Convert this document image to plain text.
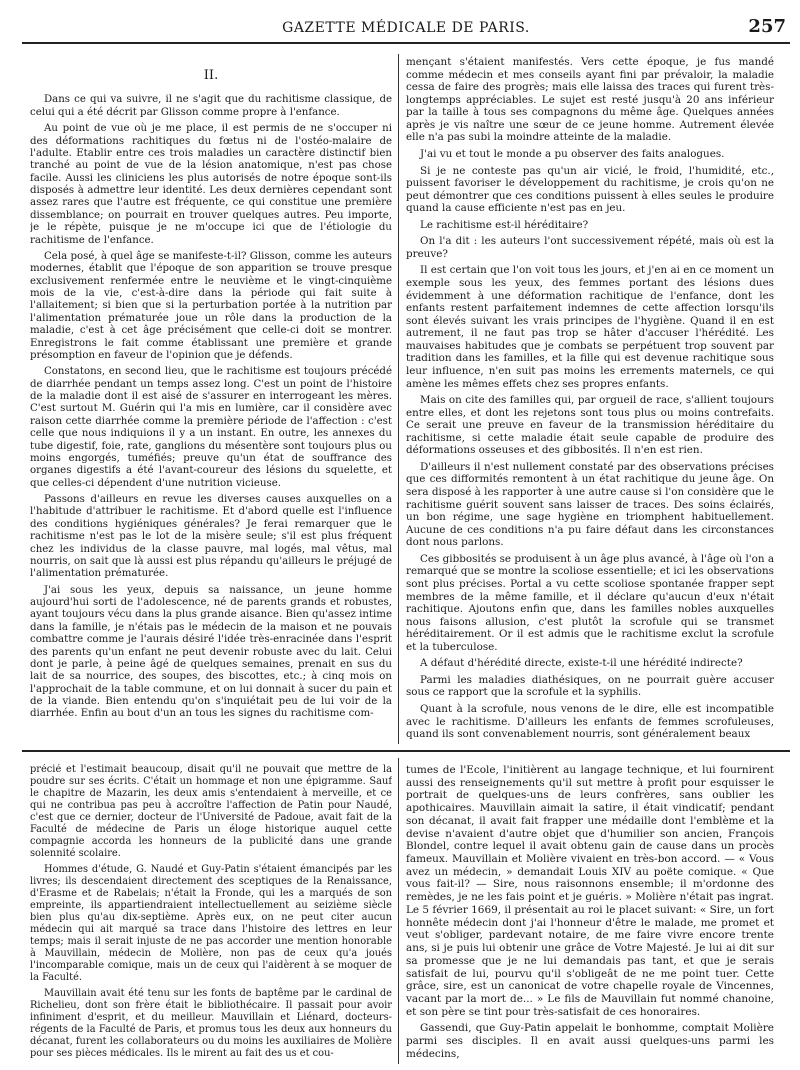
GAZETTE MÉDICALE DE PARIS.	257
II.

Dans ce qui va suivre, il ne s'agit que du rachitisme classique, de celui qui a été décrit par Glisson comme propre à l'enfance.

Au point de vue où je me place, il est permis de ne s'occuper ni des déformations rachitiques du fœtus ni de l'ostéo-malaire de l'adulte. Etablir entre ces trois maladies un caractère distinctif bien tranché au point de vue de la lésion anatomique, n'est pas chose facile. Aussi les cliniciens les plus autorisés de notre époque sont-ils disposés à admettre leur identité. Les deux dernières cependant sont assez rares que l'autre est fréquente, ce qui constitue une première dissemblance; on pourrait en trouver quelques autres. Peu importe, je le répète, puisque je ne m'occupe ici que de l'étiologie du rachitisme de l'enfance.

Cela posé, à quel âge se manifeste-t-il? Glisson, comme les auteurs modernes, établit que l'époque de son apparition se trouve presque exclusivement renfermée entre le neuvième et le vingt-cinquième mois de la vie, c'est-à-dire dans la période qui fait suite à l'allaitement; si bien que si la perturbation portée à la nutrition par l'alimentation prématurée joue un rôle dans la production de la maladie, c'est à cet âge précisément que celle-ci doit se montrer. Enregistrons le fait comme établissant une première et grande présomption en faveur de l'opinion que je défends.

Constatons, en second lieu, que le rachitisme est toujours précédé de diarrhée pendant un temps assez long. C'est un point de l'histoire de la maladie dont il est aisé de s'assurer en interrogeant les mères. C'est surtout M. Guérin qui l'a mis en lumière, car il considère avec raison cette diarrhée comme la première période de l'affection : c'est celle que nous indiquions il y a un instant. En outre, les annexes du tube digestif, foie, rate, ganglions du mésentère sont toujours plus ou moins engorgés, tuméfiés; preuve qu'un état de souffrance des organes digestifs a été l'avant-coureur des lésions du squelette, et que celles-ci dépendent d'une nutrition vicieuse.

Passons d'ailleurs en revue les diverses causes auxquelles on a l'habitude d'attribuer le rachitisme. Et d'abord quelle est l'influence des conditions hygiéniques générales? Je ferai remarquer que le rachitisme n'est pas le lot de la misère seule; s'il est plus fréquent chez les individus de la classe pauvre, mal logés, mal vêtus, mal nourris, on sait que là aussi est plus répandu qu'ailleurs le préjugé de l'alimentation prématurée.

J'ai sous les yeux, depuis sa naissance, un jeune homme aujourd'hui sorti de l'adolescence, né de parents grands et robustes, ayant toujours vécu dans la plus grande aisance. Bien qu'assez intime dans la famille, je n'étais pas le médecin de la maison et ne pouvais combattre comme je l'aurais désiré l'idée très-enracinée dans l'esprit des parents qu'un enfant ne peut devenir robuste avec du lait. Celui dont je parle, à peine âgé de quelques semaines, prenait en sus du lait de sa nourrice, des soupes, des biscottes, etc.; à cinq mois on l'approchait de la table commune, et on lui donnait à sucer du pain et de la viande. Bien entendu qu'on s'inquiétait peu de lui voir de la diarrhée. Enfin au bout d'un an tous les signes du rachitisme com-

mençant s'étaient manifestés. Vers cette époque, je fus mandé comme médecin et mes conseils ayant fini par prévaloir, la maladie cessa de faire des progrès; mais elle laissa des traces qui furent très-longtemps appréciables. Le sujet est resté jusqu'à 20 ans inférieur par la taille à tous ses compagnons du même âge. Quelques années après je vis naître une sœur de ce jeune homme. Autrement élevée elle n'a pas subi la moindre atteinte de la maladie.

J'ai vu et tout le monde a pu observer des faits analogues.

Si je ne conteste pas qu'un air vicié, le froid, l'humidité, etc., puissent favoriser le développement du rachitisme, je crois qu'on ne peut démontrer que ces conditions puissent à elles seules le produire quand la cause efficiente n'est pas en jeu.

Le rachitisme est-il héréditaire?

On l'a dit : les auteurs l'ont successivement répété, mais où est la preuve?

Il est certain que l'on voit tous les jours, et j'en ai en ce moment un exemple sous les yeux, des femmes portant des lésions dues évidemment à une déformation rachitique de l'enfance, dont les enfants restent parfaitement indemnes de cette affection lorsqu'ils sont élevés suivant les vrais principes de l'hygiène. Quand il en est autrement, il ne faut pas trop se hâter d'accuser l'hérédité. Les mauvaises habitudes que je combats se perpétuent trop souvent par tradition dans les familles, et la fille qui est devenue rachitique sous leur influence, n'en suit pas moins les errements maternels, ce qui amène les mêmes effets chez ses propres enfants.

Mais on cite des familles qui, par orgueil de race, s'allient toujours entre elles, et dont les rejetons sont tous plus ou moins contrefaits. Ce serait une preuve en faveur de la transmission héréditaire du rachitisme, si cette maladie était seule capable de produire des déformations osseuses et des gibbosités. Il n'en est rien.

D'ailleurs il n'est nullement constaté par des observations précises que ces difformités remontent à un état rachitique du jeune âge. On sera disposé à les rapporter à une autre cause si l'on considère que le rachitisme guérit souvent sans laisser de traces. Des soins éclairés, un bon régime, une sage hygiène en triomphent habituellement. Aucune de ces conditions n'a pu faire défaut dans les circonstances dont nous parlons.

Ces gibbosités se produisent à un âge plus avancé, à l'âge où l'on a remarqué que se montre la scoliose essentielle; et ici les observations sont plus précises. Portal a vu cette scoliose spontanée frapper sept membres de la même famille, et il déclare qu'aucun d'eux n'était rachitique. Ajoutons enfin que, dans les familles nobles auxquelles nous faisons allusion, c'est plutôt la scrofule qui se transmet héréditairement. Or il est admis que le rachitisme exclut la scrofule et la tuberculose.

A défaut d'hérédité directe, existe-t-il une hérédité indirecte?

Parmi les maladies diathésiques, on ne pourrait guère accuser sous ce rapport que la scrofule et la syphilis.

Quant à la scrofule, nous venons de le dire, elle est incompatible avec le rachitisme. D'ailleurs les enfants de femmes scrofuleuses, quand ils sont convenablement nourris, sont généralement beaux

précié et l'estimait beaucoup, disait qu'il ne pouvait que mettre de la poudre sur ses écrits. C'était un hommage et non une épigramme. Sauf le chapitre de Mazarin, les deux amis s'entendaient à merveille, et ce qui ne contribua pas peu à accroître l'affection de Patin pour Naudé, c'est que ce dernier, docteur de l'Université de Padoue, avait fait de la Faculté de médecine de Paris un éloge historique auquel cette compagnie accorda les honneurs de la publicité dans une grande solennité scolaire.

Hommes d'étude, G. Naudé et Guy-Patin s'étaient émancipés par les livres; ils descendaient directement des sceptiques de la Renaissance, d'Erasme et de Rabelais; n'était la Fronde, qui les a marqués de son empreinte, ils appartiendraient intellectuellement au seizième siècle bien plus qu'au dix-septième. Après eux, on ne peut citer aucun médecin qui ait marqué sa trace dans l'histoire des lettres en leur temps; mais il serait injuste de ne pas accorder une mention honorable à Mauvillain, médecin de Molière, non pas de ceux qu'a joués l'incomparable comique, mais un de ceux qui l'aidèrent à se moquer de la Faculté.

Mauvillain avait été tenu sur les fonts de baptême par le cardinal de Richelieu, dont son frère était le bibliothécaire. Il passait pour avoir infiniment d'esprit, et du meilleur. Mauvillain et Liénard, docteurs-régents de la Faculté de Paris, et promus tous les deux aux honneurs du décanat, furent les collaborateurs ou du moins les auxiliaires de Molière pour ses pièces médicales. Ils le mirent au fait des us et cou-

tumes de l'Ecole, l'initièrent au langage technique, et lui fournirent aussi des renseignements qu'il sut mettre à profit pour esquisser le portrait de quelques-uns de leurs confrères, sans oublier les apothicaires. Mauvillain aimait la satire, il était vindicatif; pendant son décanat, il avait fait frapper une médaille dont l'emblème et la devise n'avaient d'autre objet que d'humilier son ancien, François Blondel, contre lequel il avait obtenu gain de cause dans un procès fameux. Mauvillain et Molière vivaient en très-bon accord. — « Vous avez un médecin, » demandait Louis XIV au poëte comique. « Que vous fait-il? — Sire, nous raisonnons ensemble; il m'ordonne des remèdes, je ne les fais point et je guéris. » Molière n'était pas ingrat. Le 5 février 1669, il présentait au roi le placet suivant: « Sire, un fort honnête médecin dont j'ai l'honneur d'être le malade, me promet et veut s'obliger, pardevant notaire, de me faire vivre encore trente ans, si je puis lui obtenir une grâce de Votre Majesté. Je lui ai dit sur sa promesse que je ne lui demandais pas tant, et que je serais satisfait de lui, pourvu qu'il s'obligeât de ne me point tuer. Cette grâce, sire, est un canonicat de votre chapelle royale de Vincennes, vacant par la mort de... » Le fils de Mauvillain fut nommé chanoine, et son père se tint pour très-satisfait de ces honoraires.

Gassendi, que Guy-Patin appelait le bonhomme, comptait Molière parmi ses disciples. Il en avait aussi quelques-uns parmi les médecins,
